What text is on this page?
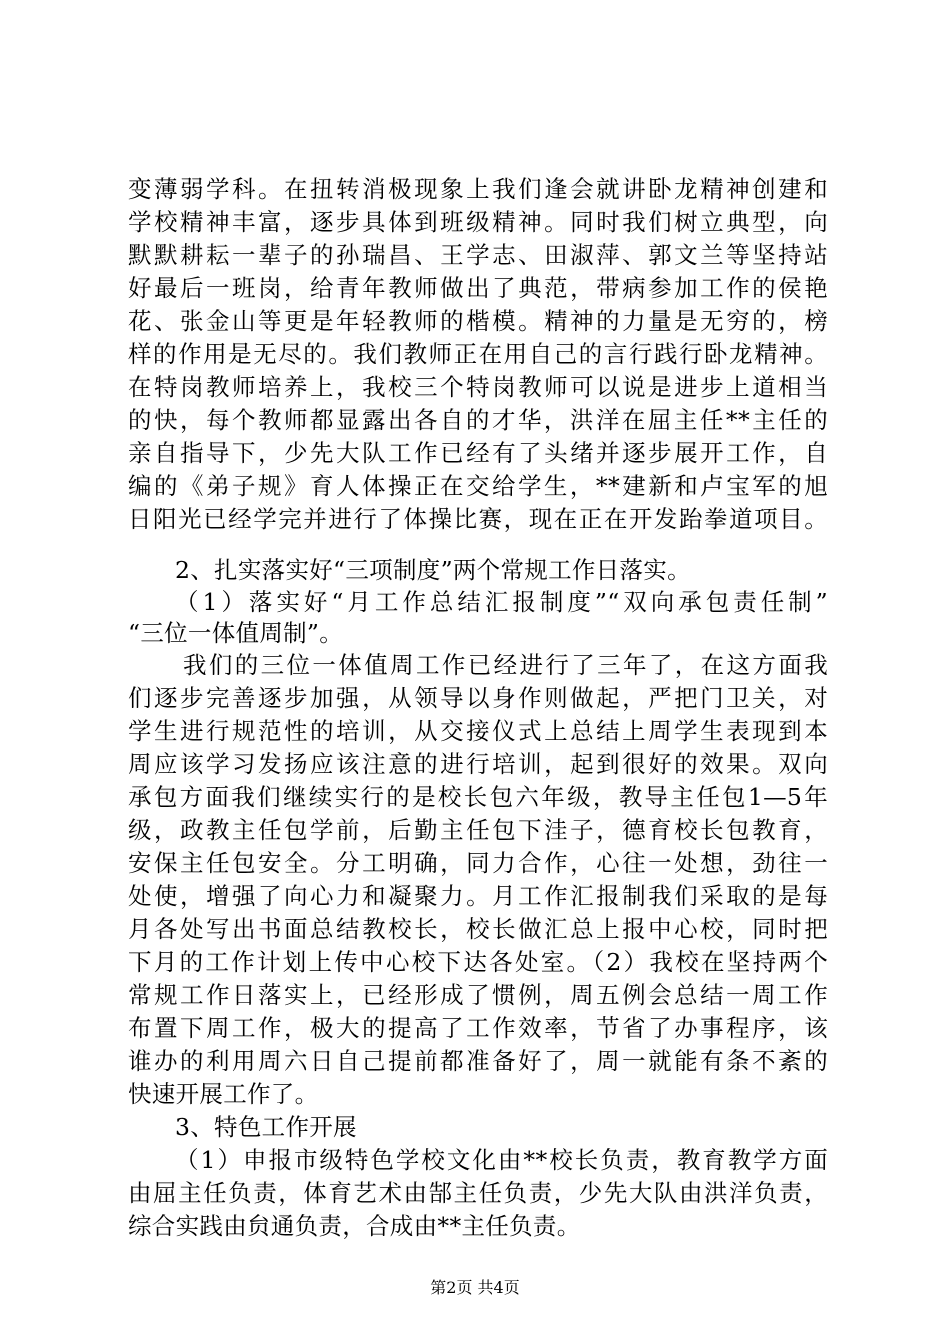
变薄弱学科。在扭转消极现象上我们逢会就讲卧龙精神创建和
学校精神丰富，逐步具体到班级精神。同时我们树立典型，向
默默耕耘一辈子的孙瑞昌、王学志、田淑萍、郭文兰等坚持站
好最后一班岗，给青年教师做出了典范，带病参加工作的侯艳
花、张金山等更是年轻教师的楷模。精神的力量是无穷的，榜
样的作用是无尽的。我们教师正在用自己的言行践行卧龙精神。
在特岗教师培养上，我校三个特岗教师可以说是进步上道相当
的快，每个教师都显露出各自的才华，洪洋在屈主任**主任的
亲自指导下，少先大队工作已经有了头绪并逐步展开工作，自
编的《弟子规》育人体操正在交给学生，**建新和卢宝军的旭
日阳光已经学完并进行了体操比赛，现在正在开发跆拳道项目。
2、扎实落实好“三项制度”两个常规工作日落实。
（1）落实好“月工作总结汇报制度”“双向承包责任制”
“三位一体值周制”。
我们的三位一体值周工作已经进行了三年了，在这方面我
们逐步完善逐步加强，从领导以身作则做起，严把门卫关，对
学生进行规范性的培训，从交接仪式上总结上周学生表现到本
周应该学习发扬应该注意的进行培训，起到很好的效果。双向
承包方面我们继续实行的是校长包六年级，教导主任包1—5年
级，政教主任包学前，后勤主任包下洼子，德育校长包教育，
安保主任包安全。分工明确，同力合作，心往一处想，劲往一
处使，增强了向心力和凝聚力。月工作汇报制我们采取的是每
月各处写出书面总结教校长，校长做汇总上报中心校，同时把
下月的工作计划上传中心校下达各处室。（2）我校在坚持两个
常规工作日落实上，已经形成了惯例，周五例会总结一周工作
布置下周工作，极大的提高了工作效率，节省了办事程序，该
谁办的利用周六日自己提前都准备好了，周一就能有条不紊的
快速开展工作了。
3、特色工作开展
（1）申报市级特色学校文化由**校长负责，教育教学方面
由屈主任负责，体育艺术由郜主任负责，少先大队由洪洋负责，
综合实践由贠通负责，合成由**主任负责。
第2页 共4页
